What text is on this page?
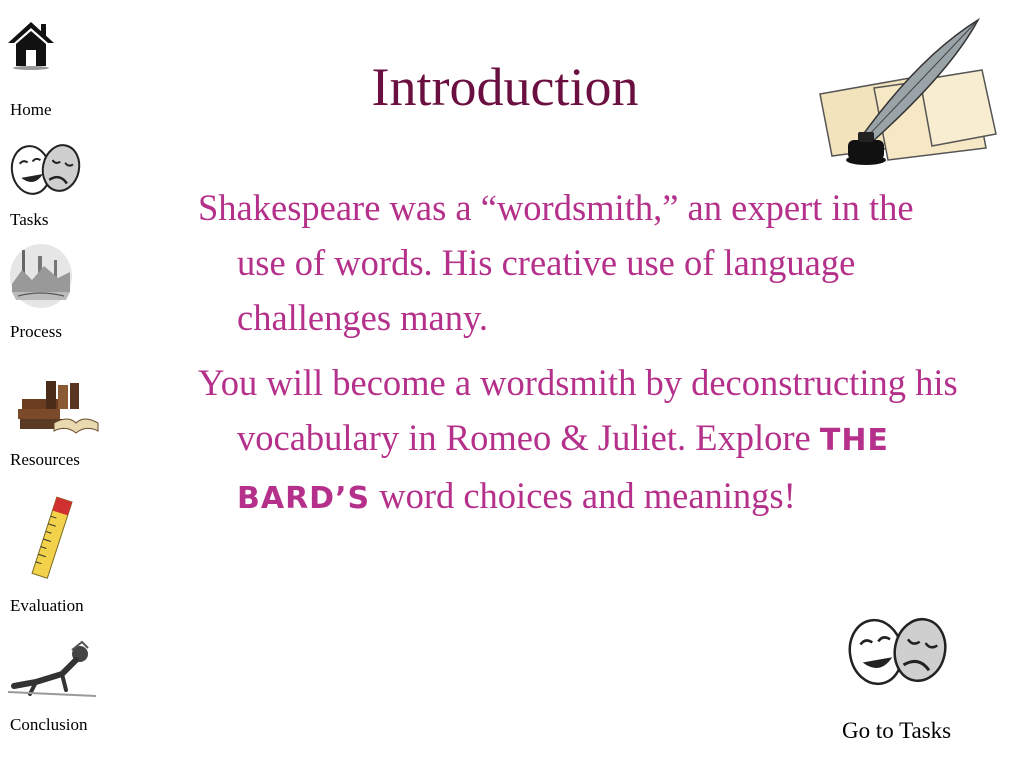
Home
Tasks
Process
Resources
Evaluation
Conclusion
Introduction

Shakespeare was a “wordsmith,” an expert in the use of words. His creative use of language challenges many.

You will become a wordsmith by deconstructing his vocabulary in Romeo & Juliet. Explore THE BARD’S word choices and meanings!

Go to Tasks
